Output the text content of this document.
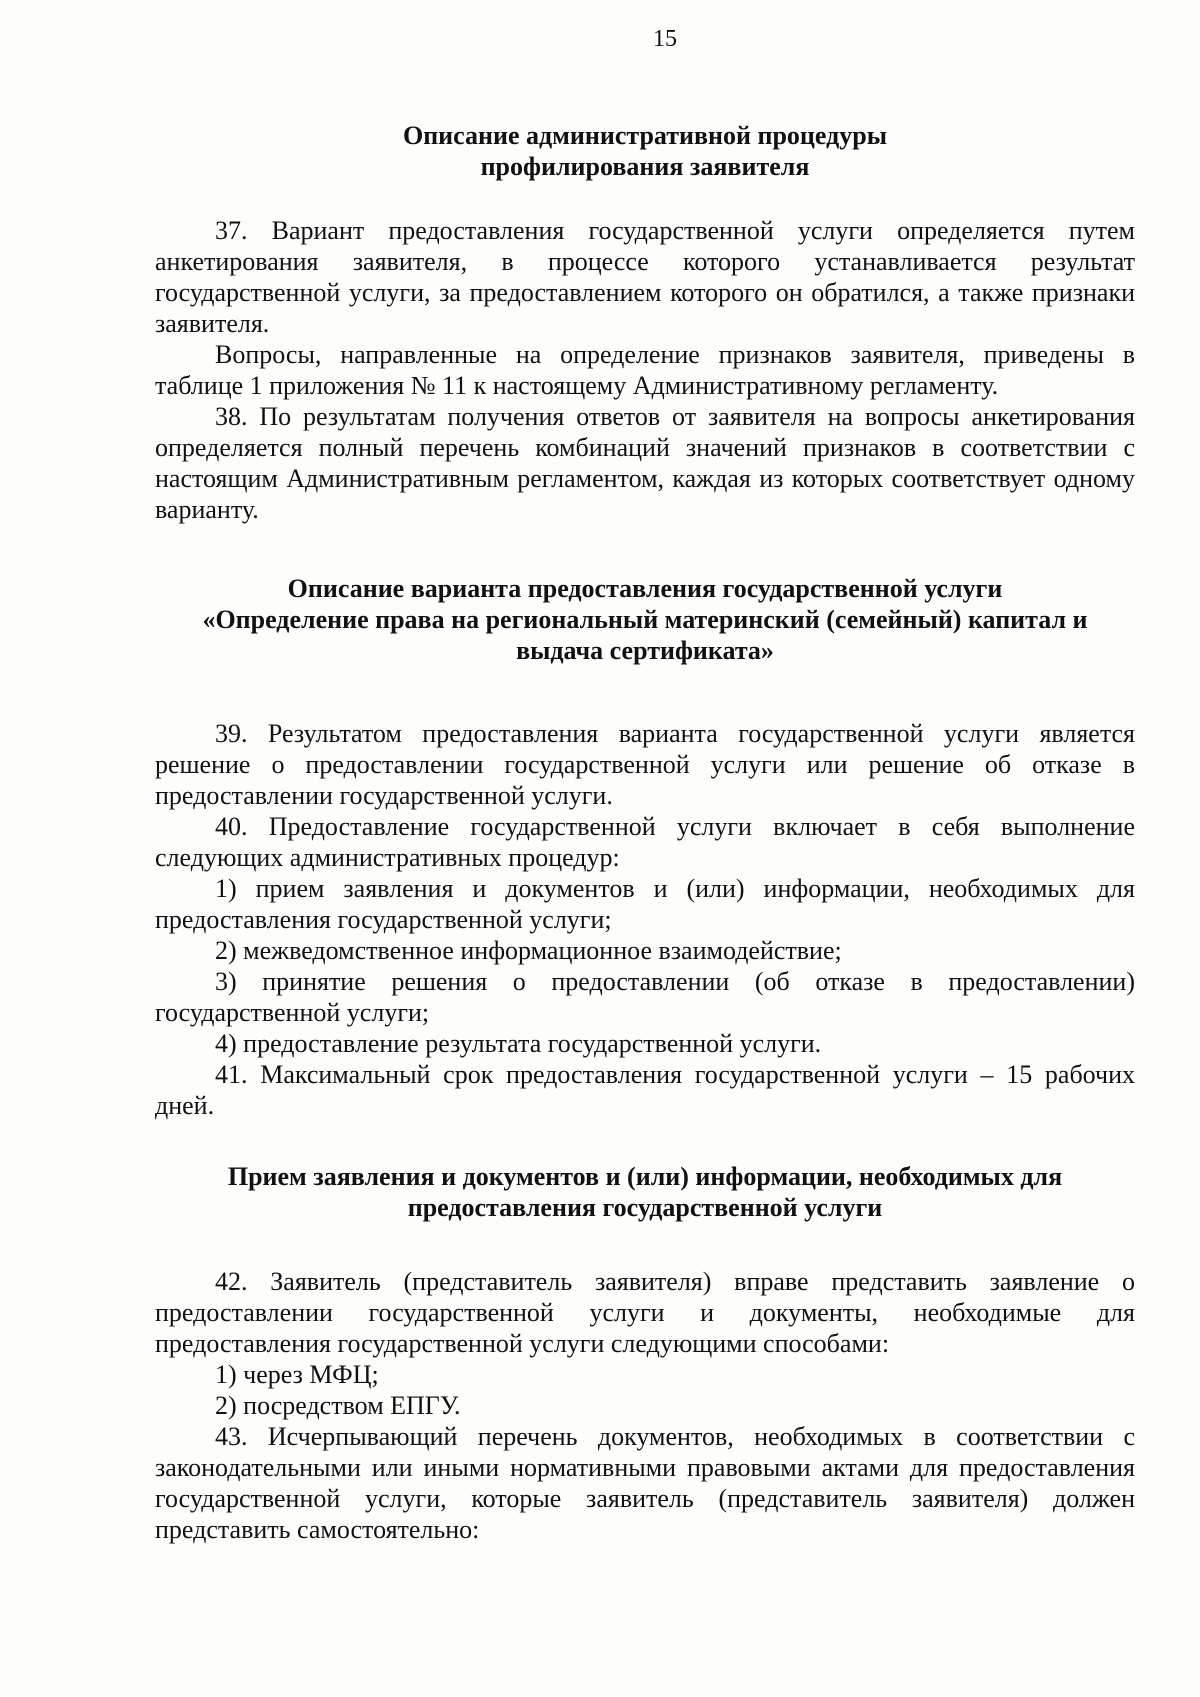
15
Описание административной процедуры
профилирования заявителя

37. Вариант предоставления государственной услуги определяется путем анкетирования заявителя, в процессе которого устанавливается результат государственной услуги, за предоставлением которого он обратился, а также признаки заявителя.

Вопросы, направленные на определение признаков заявителя, приведены в таблице 1 приложения № 11 к настоящему Административному регламенту.

38. По результатам получения ответов от заявителя на вопросы анкетирования определяется полный перечень комбинаций значений признаков в соответствии с настоящим Административным регламентом, каждая из которых соответствует одному варианту.

Описание варианта предоставления государственной услуги
«Определение права на региональный материнский (семейный) капитал и
выдача сертификата»

39. Результатом предоставления варианта государственной услуги является решение о предоставлении государственной услуги или решение об отказе в предоставлении государственной услуги.

40. Предоставление государственной услуги включает в себя выполнение следующих административных процедур:

1) прием заявления и документов и (или) информации, необходимых для предоставления государственной услуги;

2) межведомственное информационное взаимодействие;

3) принятие решения о предоставлении (об отказе в предоставлении) государственной услуги;

4) предоставление результата государственной услуги.

41. Максимальный срок предоставления государственной услуги – 15 рабочих дней.

Прием заявления и документов и (или) информации, необходимых для
предоставления государственной услуги

42. Заявитель (представитель заявителя) вправе представить заявление о предоставлении государственной услуги и документы, необходимые для предоставления государственной услуги следующими способами:

1) через МФЦ;

2) посредством ЕПГУ.

43. Исчерпывающий перечень документов, необходимых в соответствии с законодательными или иными нормативными правовыми актами для предоставления государственной услуги, которые заявитель (представитель заявителя) должен представить самостоятельно:
